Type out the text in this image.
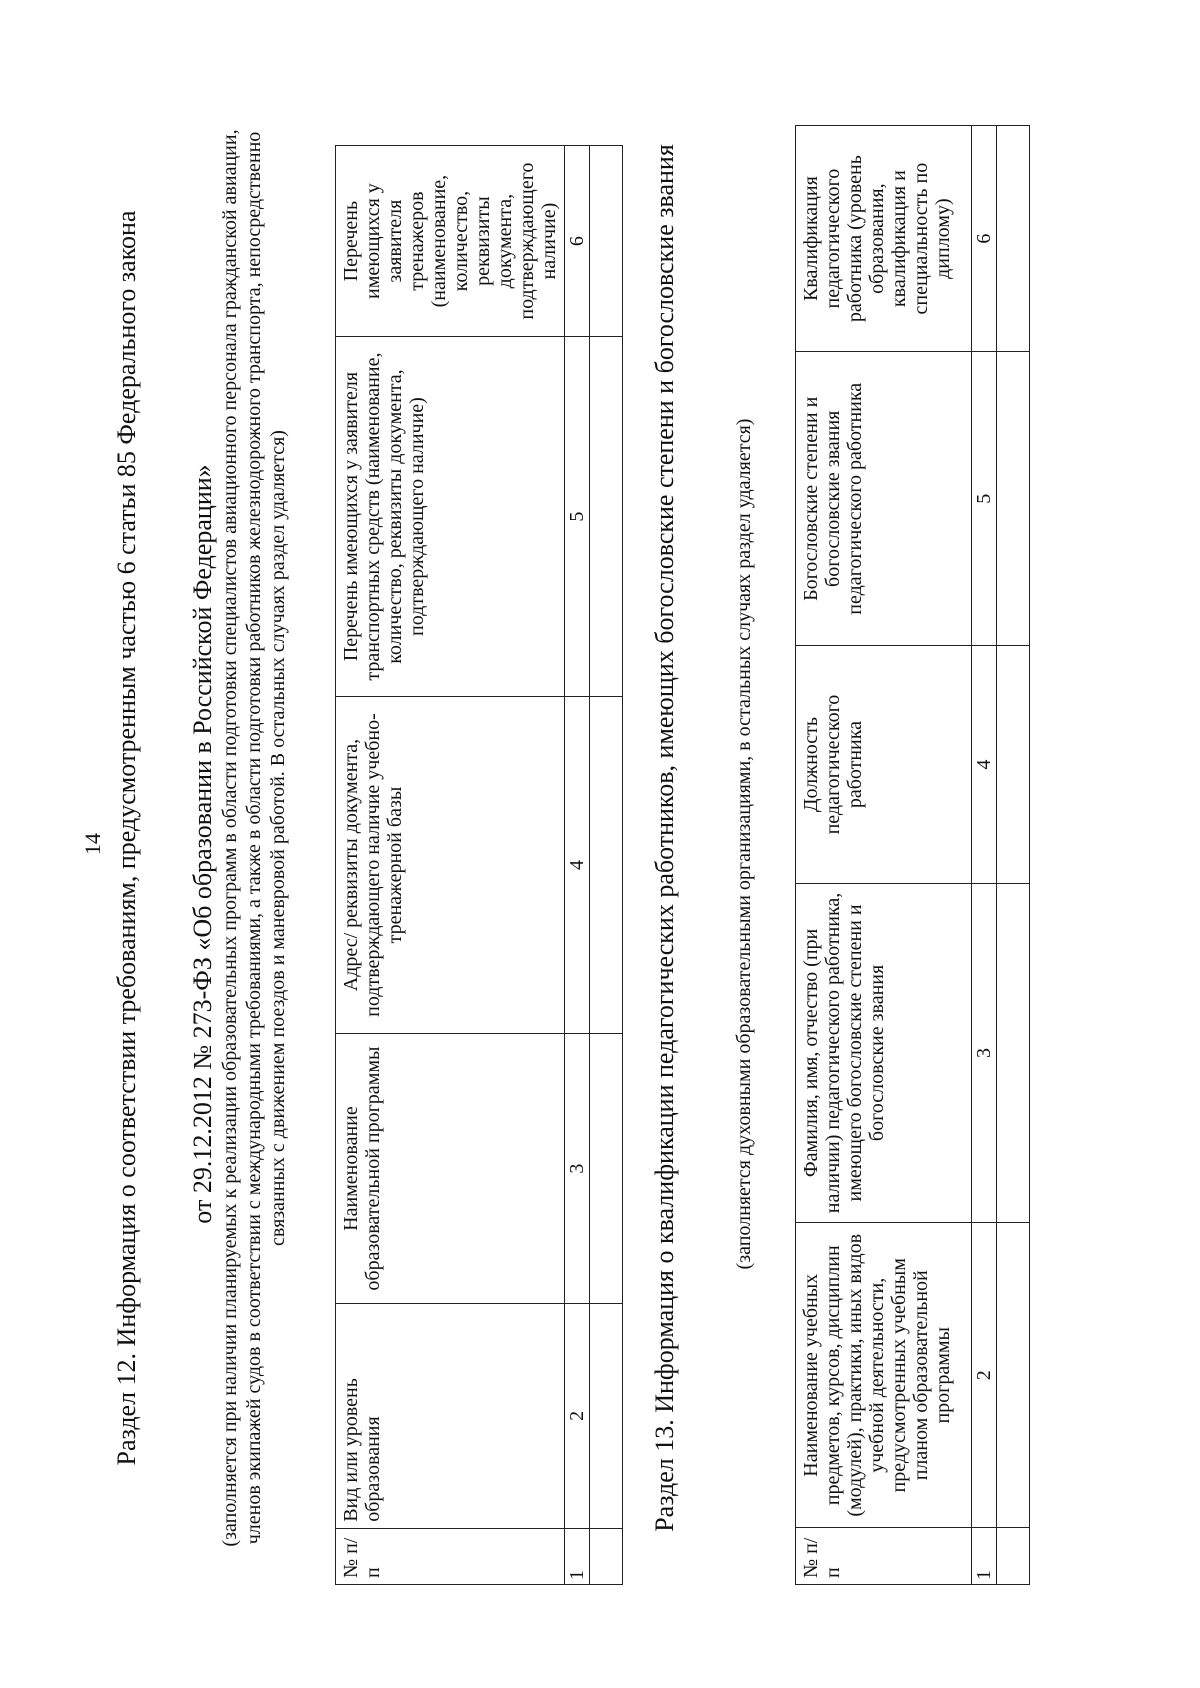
14 Раздел 12. Информация о соответствии требованиям, предусмотренным частью 6 статьи 85 Федерального закона от 29.12.2012 № 273-ФЗ «Об образовании в Российской Федерации» (заполняется при наличии планируемых к реализации образовательных программ в области подготовки специалистов авиационного персонала гражданской авиации, членов экипажей судов в соответствии с международными требованиями, а также в области подготовки работников железнодорожного транспорта, непосредственно связанных с движением поездов и маневровой работой. В остальных случаях раздел удаляется)
№ п/п	Вид или уровень образования	Наименование образовательной программы	Адрес/ реквизиты документа, подтверждающего наличие учебно-тренажерной базы	Перечень имеющихся у заявителя транспортных средств (наименование, количество, реквизиты документа, подтверждающего наличие)	Перечень имеющихся у заявителя тренажеров (наименование, количество, реквизиты документа, подтверждающего наличие)
1	2	3	4	5	6
					Раздел 13. Информация о квалификации педагогических работников, имеющих богословские степени и богословские звания	(заполняется духовными образовательными организациями, в остальных случаях раздел удаляется)
№ п/п	Наименование учебных предметов, курсов, дисциплин (модулей), практики, иных видов учебной деятельности, предусмотренных учебным планом образовательной программы	Фамилия, имя, отчество (при наличии) педагогического работника, имеющего богословские степени и богословские звания	Должность педагогического работника	Богословские степени и богословские звания педагогического работника	Квалификация педагогического работника (уровень образования, квалификация и специальность по диплому)
1	2	3	4	5	6
